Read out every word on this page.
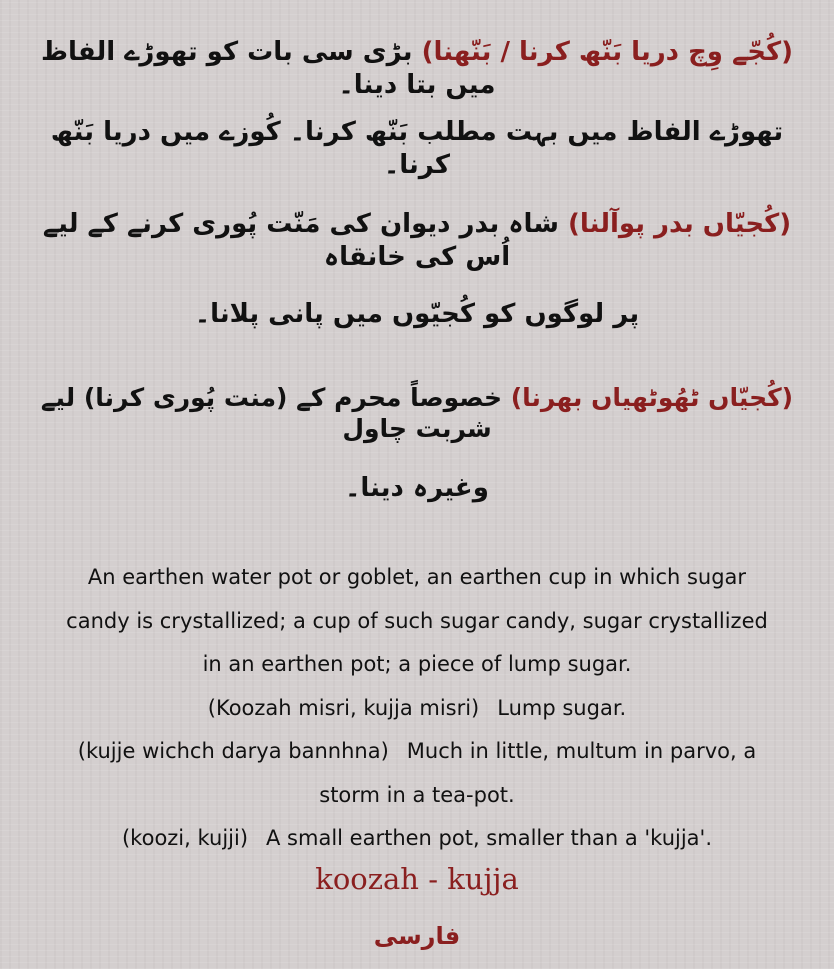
(کُجّے وِچ دریا بَنّھ کرنا / بَنّھنا) بڑی سی بات کو تھوڑے الفاظ میں بتا دینا۔

تھوڑے الفاظ میں بہت مطلب بَنّھ کرنا۔ کُوزے میں دریا بَنّھ کرنا۔

(کُجیّاں بدر پوآلنا) شاہ بدر دیوان کی مَنّت پُوری کرنے کے لیے اُس کی خانقاہ

پر لوگوں کو کُجیّوں میں پانی پلانا۔

(کُجیّاں ٹھُوٹھیاں بھرنا) خصوصاً محرم کے (منت پُوری کرنا) لیے شربت چاول

وغیرہ دینا۔

An earthen water pot or goblet, an earthen cup in which sugar

candy is crystallized; a cup of such sugar candy, sugar crystallized

in an earthen pot; a piece of lump sugar.

(Koozah misri, kujja misri) Lump sugar.

(kujje wichch darya bannhna) Much in little, multum in parvo, a

storm in a tea-pot.

(koozi, kujji) A small earthen pot, smaller than a 'kujja'.

koozah - kujja

فارسی
